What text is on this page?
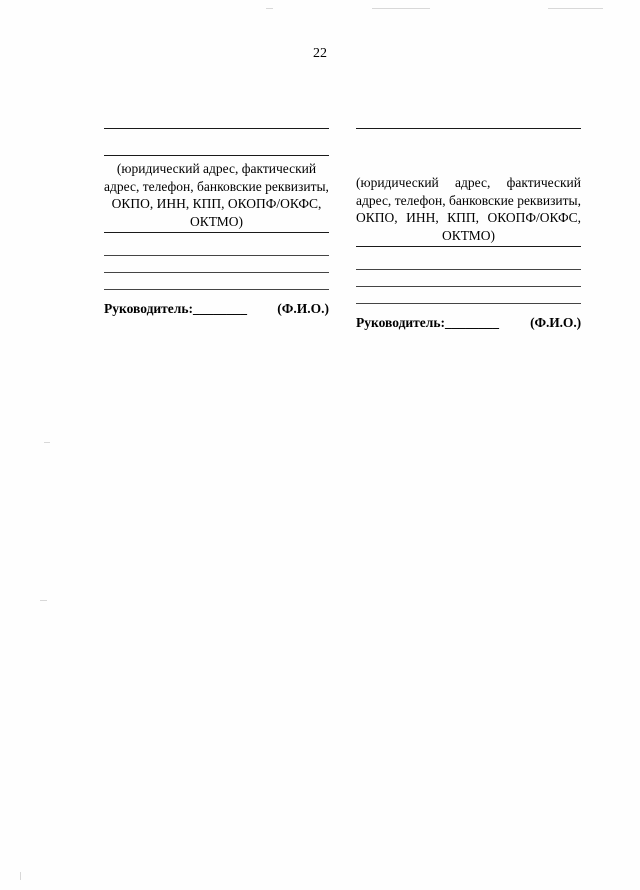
22
(юридический адрес, фактический адрес, телефон, банковские реквизиты, ОКПО, ИНН, КПП, ОКОПФ/ОКФС, ОКТМО)
Руководитель:________ (Ф.И.О.)
(юридический адрес, фактический адрес, телефон, банковские реквизиты, ОКПО, ИНН, КПП, ОКОПФ/ОКФС, ОКТМО)
Руководитель:________ (Ф.И.О.)
